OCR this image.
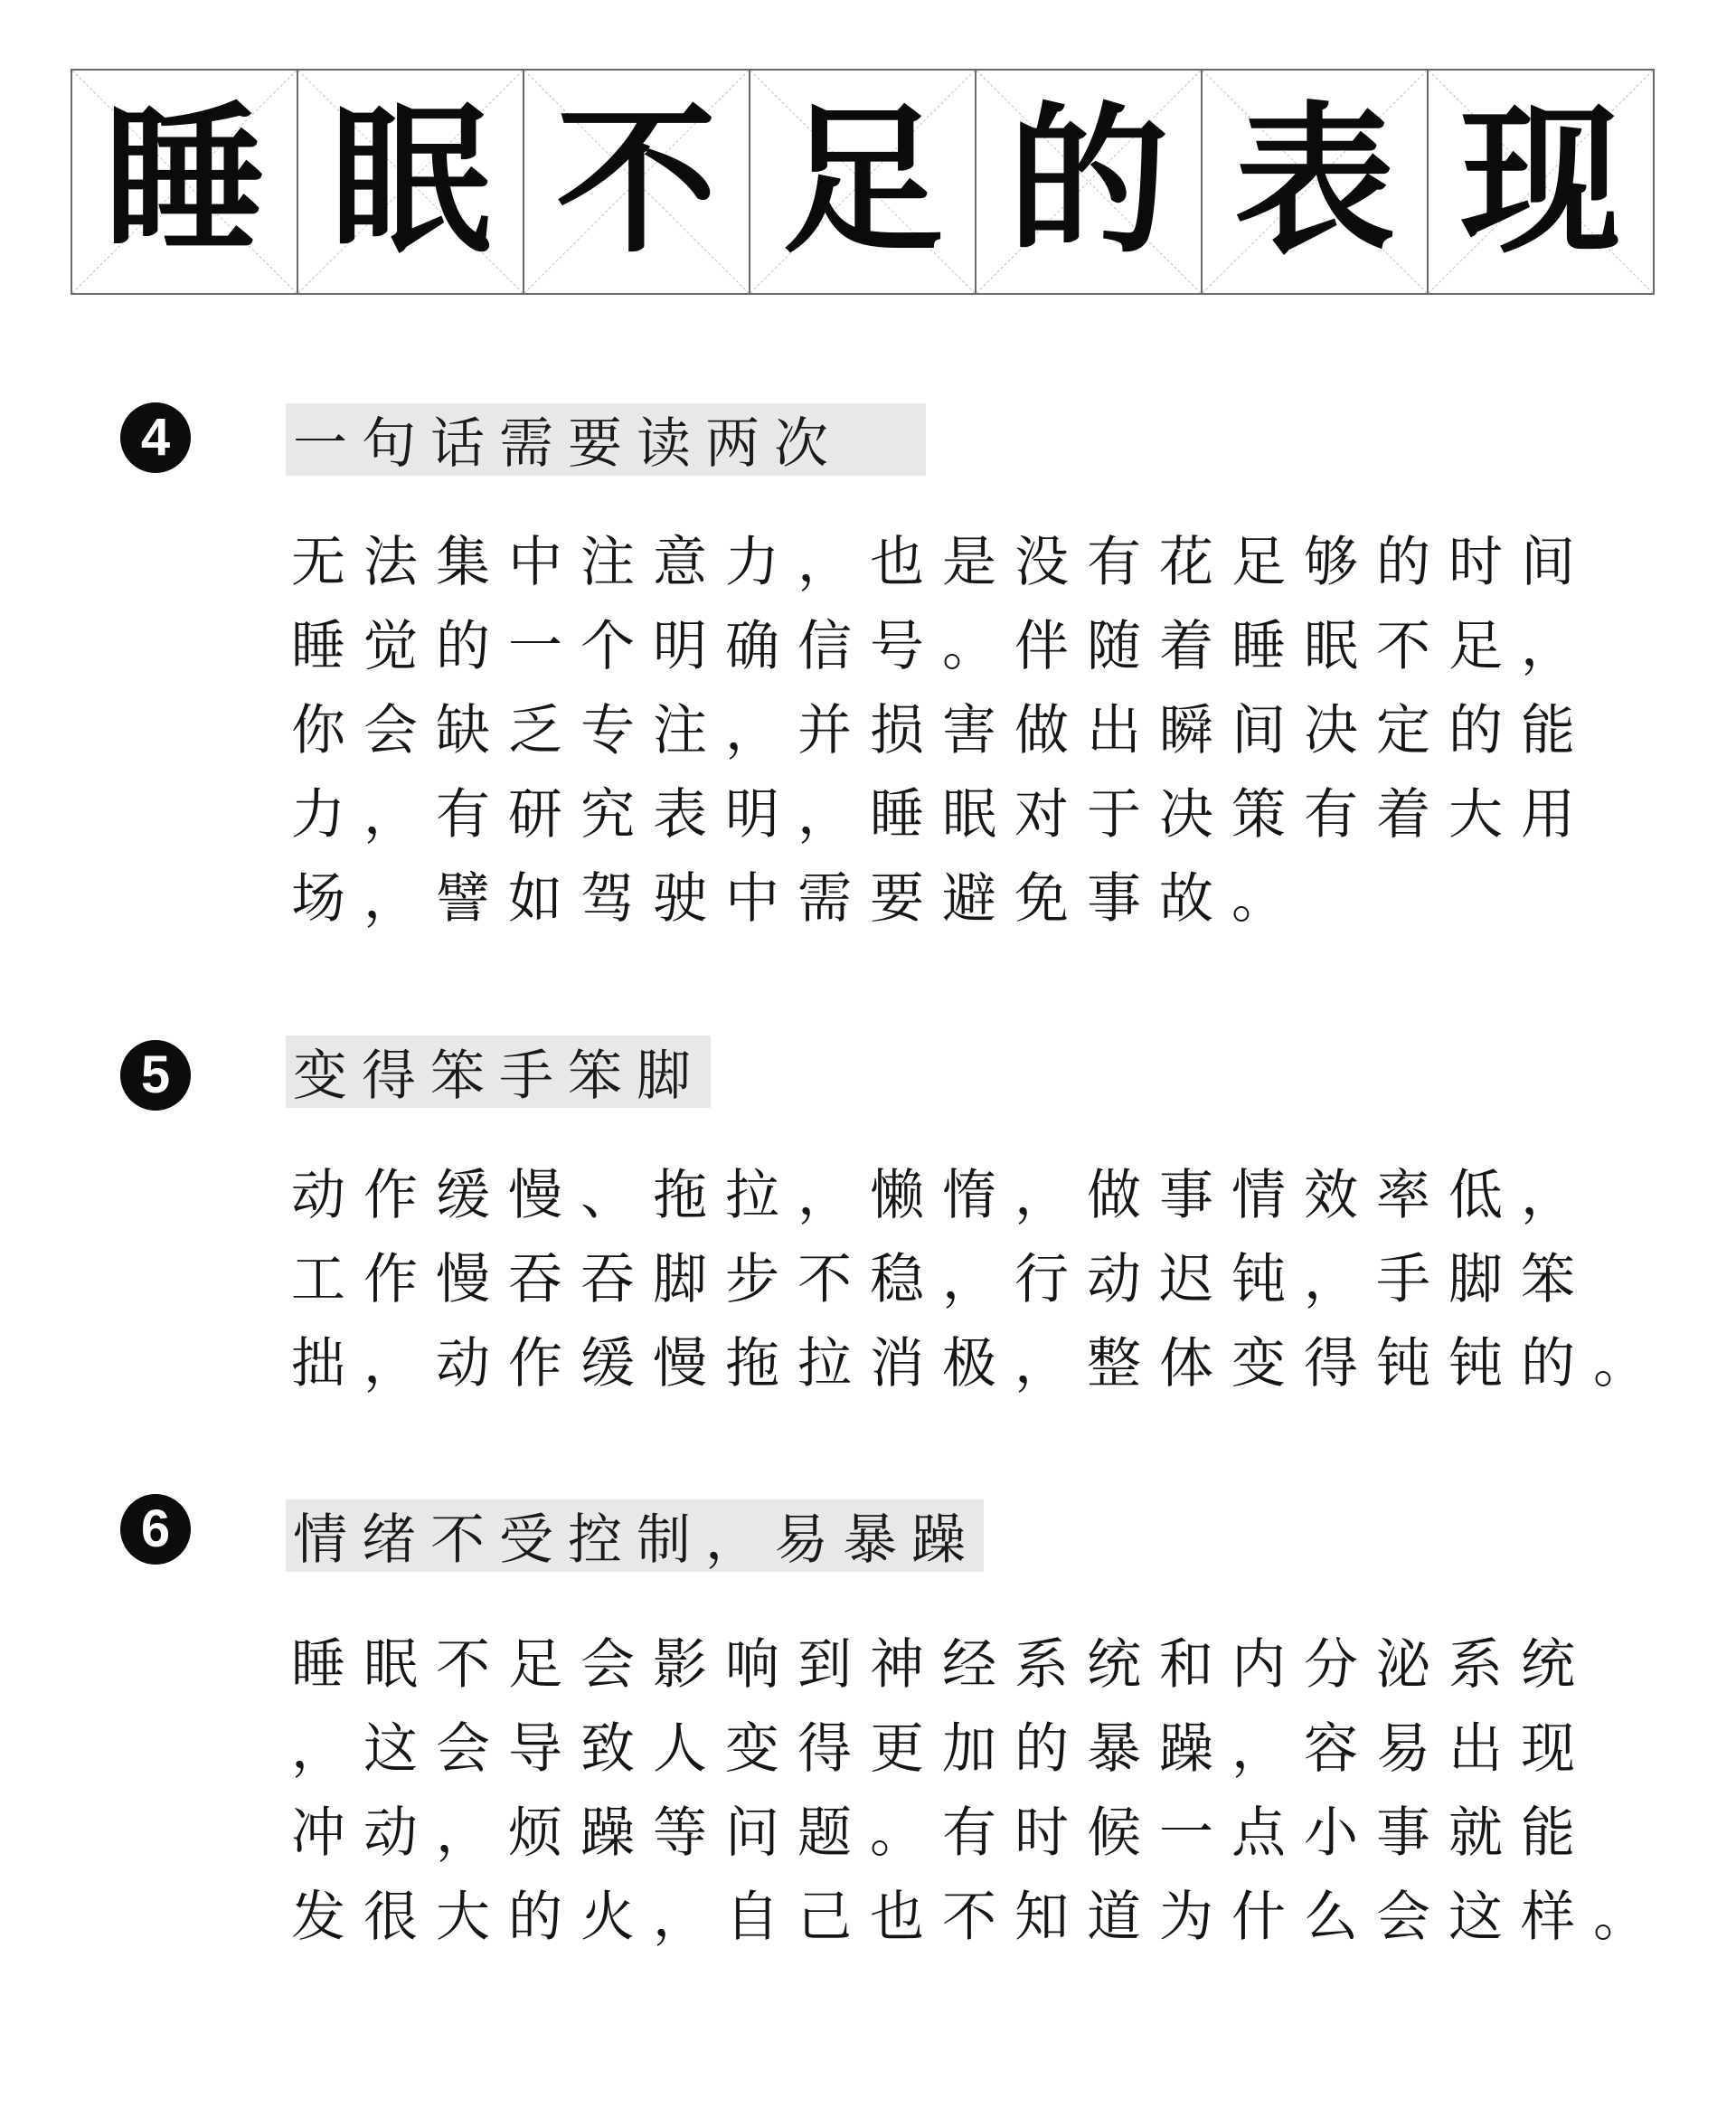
睡 眠 不 足 的 表 现
4	一句话需要读两次
无法集中注意力，也是没有花足够的时间
睡觉的一个明确信号。伴随着睡眠不足，
你会缺乏专注，并损害做出瞬间决定的能
力，有研究表明，睡眠对于决策有着大用
场，譬如驾驶中需要避免事故。
5	变得笨手笨脚
动作缓慢、拖拉，懒惰，做事情效率低，
工作慢吞吞脚步不稳，行动迟钝，手脚笨
拙，动作缓慢拖拉消极，整体变得钝钝的。
6	情绪不受控制，易暴躁
睡眠不足会影响到神经系统和内分泌系统
，这会导致人变得更加的暴躁，容易出现
冲动，烦躁等问题。有时候一点小事就能
发很大的火，自己也不知道为什么会这样。
